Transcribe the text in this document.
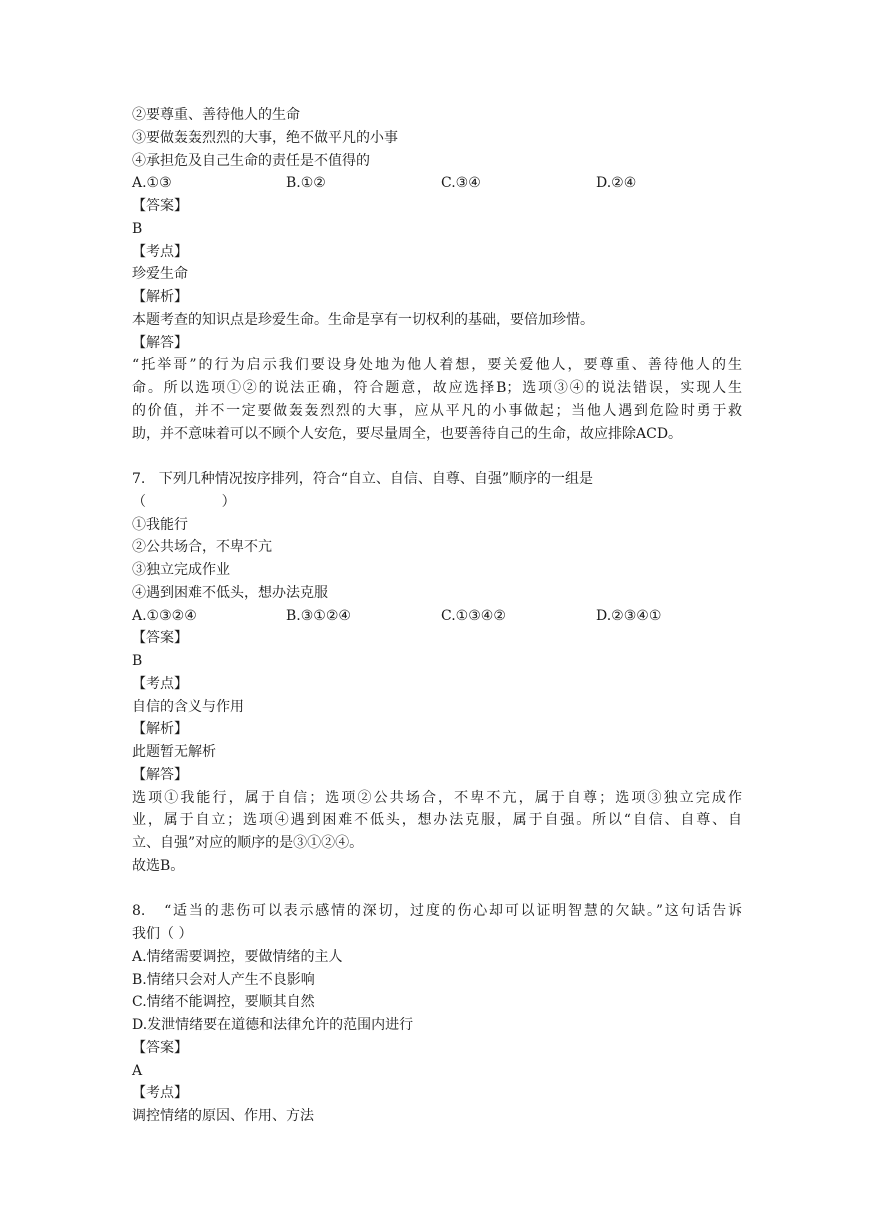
②要尊重、善待他人的生命
③要做轰轰烈烈的大事，绝不做平凡的小事
④承担危及自己生命的责任是不值得的
A.①③	B.①②	C.③④	D.②④
【答案】
B
【考点】
珍爱生命
【解析】
本题考查的知识点是珍爱生命。生命是享有一切权利的基础，要倍加珍惜。
【解答】
“托举哥”的行为启示我们要设身处地为他人着想，要关爱他人，要尊重、善待他人的生
命。所以选项①②的说法正确，符合题意，故应选择B；选项③④的说法错误，实现人生
的价值，并不一定要做轰轰烈烈的大事，应从平凡的小事做起；当他人遇到危险时勇于救
助，并不意味着可以不顾个人安危，要尽量周全，也要善待自己的生命，故应排除ACD。
7.   下列几种情况按序排列，符合“自立、自信、自尊、自强”顺序的一组是
（                 ）
①我能行
②公共场合，不卑不亢
③独立完成作业
④遇到困难不低头，想办法克服
A.①③②④	B.③①②④	C.①③④②	D.②③④①
【答案】
B
【考点】
自信的含义与作用
【解析】
此题暂无解析
【解答】
选项①我能行，属于自信；选项②公共场合，不卑不亢，属于自尊；选项③独立完成作
业，属于自立；选项④遇到困难不低头，想办法克服，属于自强。所以“自信、自尊、自
立、自强”对应的顺序的是③①②④。
故选B。
8.   “适当的悲伤可以表示感情的深切，过度的伤心却可以证明智慧的欠缺。”这句话告诉
我们（ ）
A.情绪需要调控，要做情绪的主人
B.情绪只会对人产生不良影响
C.情绪不能调控，要顺其自然
D.发泄情绪要在道德和法律允许的范围内进行
【答案】
A
【考点】
调控情绪的原因、作用、方法
